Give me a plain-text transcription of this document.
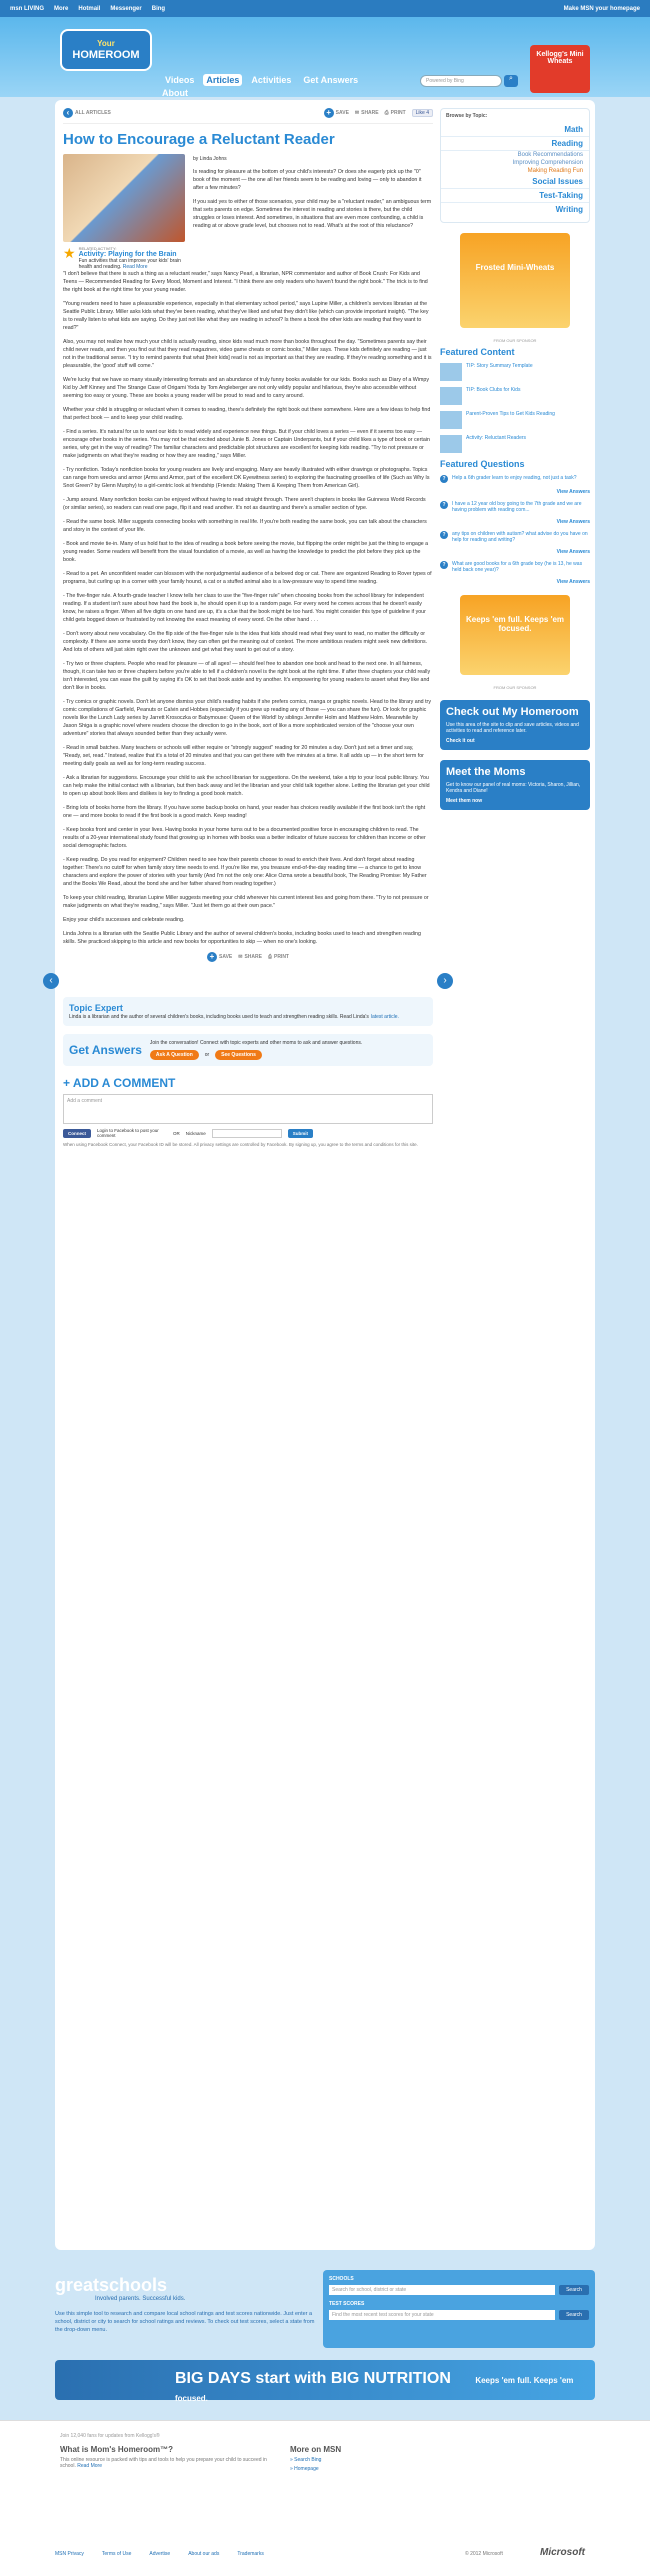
msn LIVING More Hotmail Messenger Bing	Make MSN your homepage
Your
HOMEROOM
Videos	Articles	Activities	Get Answers
About
Powered by Bing	⌕
Kellogg's Mini Wheats
‹	ALL ARTICLES	+ SAVE ✉ SHARE ⎙ PRINT	Like 4
How to Encourage a Reluctant Reader
★ RELATED ACTIVITY:
Activity: Playing for the Brain
Fun activities that can improve your kids' brain health and reading. Read More
by Linda Johns

Is reading for pleasure at the bottom of your child's interests? Or does she eagerly pick up the "0" book of the moment — the one all her friends seem to be reading and loving — only to abandon it after a few minutes?

If you said yes to either of those scenarios, your child may be a "reluctant reader," an ambiguous term that sets parents on edge. Sometimes the interest in reading and stories is there, but the child struggles or loses interest. And sometimes, in situations that are even more confounding, a child is reading at or above grade level, but chooses not to read. What's at the root of this reluctance?

"I don't believe that there is such a thing as a reluctant reader," says Nancy Pearl, a librarian, NPR commentator and author of Book Crush: For Kids and Teens — Recommended Reading for Every Mood, Moment and Interest. "I think there are only readers who haven't found the right book." The trick is to find the right book at the right time for your young reader.

"Young readers need to have a pleasurable experience, especially in that elementary school period," says Lupine Miller, a children's services librarian at the Seattle Public Library. Miller asks kids what they've been reading, what they've liked and what they didn't like (which can provide important insight). "The key is to really listen to what kids are saying. Do they just not like what they are reading in school? Is there a book the other kids are reading that they want to read?"

Also, you may not realize how much your child is actually reading, since kids read much more than books throughout the day. "Sometimes parents say their child never reads, and then you find out that they read magazines, video game cheats or comic books," Miller says. These kids definitely are reading — just not in the traditional sense. "I try to remind parents that what [their kids] read is not as important as that they are reading. If they're reading something and it is pleasurable, the 'good' stuff will come."

We're lucky that we have so many visually interesting formats and an abundance of truly funny books available for our kids. Books such as Diary of a Wimpy Kid by Jeff Kinney and The Strange Case of Origami Yoda by Tom Angleberger are not only wildly popular and hilarious, they're also accessible without seeming too easy or young. These are books a young reader will be proud to read and to carry around.

Whether your child is struggling or reluctant when it comes to reading, there's definitely the right book out there somewhere. Here are a few ideas to help find that perfect book — and to keep your child reading.

- Find a series. It's natural for us to want our kids to read widely and experience new things. But if your child loves a series — even if it seems too easy — encourage other books in the series. You may not be that excited about Junie B. Jones or Captain Underpants, but if your child likes a type of book or certain series, why get in the way of reading? The familiar characters and predictable plot structures are excellent for keeping kids reading. "Try to not pressure or make judgments on what they're reading or how they are reading," says Miller.

- Try nonfiction. Today's nonfiction books for young readers are lively and engaging. Many are heavily illustrated with either drawings or photographs. Topics can range from wrecks and armor (Arms and Armor, part of the excellent DK Eyewitness series) to exploring the fascinating groseilles of life (Such as Why Is Snot Green? by Glenn Murphy) to a girl-centric look at friendship (Friends: Making Them & Keeping Them from American Girl).

- Jump around. Many nonfiction books can be enjoyed without having to read straight through. There aren't chapters in books like Guinness World Records (or similar series), so readers can read one page, flip it and read another. It's not as daunting and there's a smaller section of type.

- Read the same book. Miller suggests connecting books with something in real life. If you're both reading the same book, you can talk about the characters and story in the context of your life.

- Book and movie tie-in. Many of us hold fast to the idea of reading a book before seeing the movie, but flipping the order might be just the thing to engage a young reader. Some readers will benefit from the visual foundation of a movie, as well as having the knowledge to predict the plot before they pick up the book.

- Read to a pet. An unconfident reader can blossom with the nonjudgmental audience of a beloved dog or cat. There are organized Reading to Rover types of programs, but curling up in a corner with your family hound, a cat or a stuffed animal also is a low-pressure way to spend time reading.

- The five-finger rule. A fourth-grade teacher I know tells her class to use the "five-finger rule" when choosing books from the school library for independent reading. If a student isn't sure about how hard the book is, he should open it up to a random page. For every word he comes across that he doesn't easily know, he raises a finger. When all five digits on one hand are up, it's a clue that the book might be too hard. You might consider this type of guideline if your child gets bogged down or frustrated by not knowing the exact meaning of every word. On the other hand . . .

- Don't worry about new vocabulary. On the flip side of the five-finger rule is the idea that kids should read what they want to read, no matter the difficulty or complexity. If there are some words they don't know, they can often get the meaning out of context. The more ambitious readers might seek new definitions. And lots of others will just skim right over the unknown and get what they want to get out of a story.

- Try two or three chapters. People who read for pleasure — of all ages! — should feel free to abandon one book and head to the next one. In all fairness, though, it can take two or three chapters before you're able to tell if a children's novel is the right book at the right time. If after three chapters your child really isn't interested, you can ease the guilt by saying it's OK to set that book aside and try another. It's empowering for young readers to assert what they like and don't like in books.

- Try comics or graphic novels. Don't let anyone dismiss your child's reading habits if she prefers comics, manga or graphic novels. Head to the library and try comic compilations of Garfield, Peanuts or Calvin and Hobbes (especially if you grew up reading any of those — you can share the fun). Or look for graphic novels like the Lunch Lady series by Jarrett Krosoczka or Babymouse: Queen of the World! by siblings Jennifer Holm and Matthew Holm. Meanwhile by Jason Shiga is a graphic novel where readers choose the direction to go in the book, sort of like a more sophisticated version of the "choose your own adventure" stories that always sounded better than they actually were.

- Read in small batches. Many teachers or schools will either require or "strongly suggest" reading for 20 minutes a day. Don't just set a timer and say, "Ready, set, read." Instead, realize that it's a total of 20 minutes and that you can get there with five minutes at a time. It all adds up — in the short term for meeting daily goals as well as for long-term reading success.

- Ask a librarian for suggestions. Encourage your child to ask the school librarian for suggestions. On the weekend, take a trip to your local public library. You can help make the initial contact with a librarian, but then back away and let the librarian and your child talk together alone. Letting the librarian get your child to open up about book likes and dislikes is key to finding a good book match.

- Bring lots of books home from the library. If you have some backup books on hand, your reader has choices readily available if the first book isn't the right one — and more books to read if the first book is a good match. Keep reading!

- Keep books front and center in your lives. Having books in your home turns out to be a documented positive force in encouraging children to read. The results of a 20-year international study found that growing up in homes with books was a better indicator of future success for children than income or other social demographic factors.

- Keep reading. Do you read for enjoyment? Children need to see how their parents choose to read to enrich their lives. And don't forget about reading together: There's no cutoff for when family story time needs to end. If you're like me, you treasure end-of-the-day reading time — a chance to get to know characters and explore the power of stories with your family (And I'm not the only one: Alice Ozma wrote a beautiful book, The Reading Promise: My Father and the Books We Read, about the bond she and her father shared from reading together.)

To keep your child reading, librarian Lupine Miller suggests meeting your child wherever his current interest lies and going from there. "Try to not pressure or make judgments on what they're reading," says Miller. "Just let them go at their own pace."

Enjoy your child's successes and celebrate reading.

Linda Johns is a librarian with the Seattle Public Library and the author of several children's books, including books used to teach and strengthen reading skills. She practiced skipping to this article and now books for opportunities to skip — when no one's looking.

+ SAVE ✉ SHARE ⎙ PRINT
‹	›
Topic Expert
Linda is a librarian and the author of several children's books, including books used to teach and strengthen reading skills. Read Linda's latest article.
Get Answers Join the conversation! Connect with topic experts and other moms to ask and answer questions.
Ask A Question or See Questions
+ ADD A COMMENT
Add a comment
Connect	Login to Facebook to post your comment	OR Nickname	Submit
When using Facebook Connect, your Facebook ID will be stored. All privacy settings are controlled by Facebook. By signing up, you agree to the terms and conditions for this site.
Browse by Topic:
Math
Reading
Book Recommendations
Improving Comprehension
Making Reading Fun
Social Issues
Test-Taking
Writing
Frosted Mini-Wheats
FROM OUR SPONSOR
Featured Content
TIP: Story Summary Template
TIP: Book Clubs for Kids
Parent-Proven Tips to Get Kids Reading
Activity: Reluctant Readers
Featured Questions
?	Help a 6th grader learn to enjoy reading, not just a task?
View Answers
?	I have a 12 year old boy going to the 7th grade and we are having problem with reading com...
View Answers
?	any tips on children with autism? what advise do you have on help for reading and writing?
View Answers
?	What are good books for a 6th grade boy (he is 13, he was held back one year)?
View Answers
Keeps 'em full. Keeps 'em focused.
FROM OUR SPONSOR
Check out My Homeroom
Use this area of the site to clip and save articles, videos and activities to read and reference later.
Check it out
Meet the Moms
Get to know our panel of real moms: Victoria, Sharon, Jillian, Kendra and Diane!
Meet them now
greatschools
Involved parents. Successful kids.
Use this simple tool to research and compare local school ratings and test scores nationwide. Just enter a school, district or city to search for school ratings and reviews. To check out test scores, select a state from the drop-down menu.
SCHOOLS
Search for school, district or state	Search
TEST SCORES
Find the most recent test scores for your state	Search
BIG DAYS start with BIG NUTRITION	Keeps 'em full. Keeps 'em focused.
Join 12,040 fans for updates from Kellogg's®
What is Mom's Homeroom™?
This online resource is packed with tips and tools to help you prepare your child to succeed in school. Read More
More on MSN
» Search Bing
» Homepage
MSN Privacy	Terms of Use	Advertise	About our ads	Trademarks	© 2012 Microsoft	Microsoft
